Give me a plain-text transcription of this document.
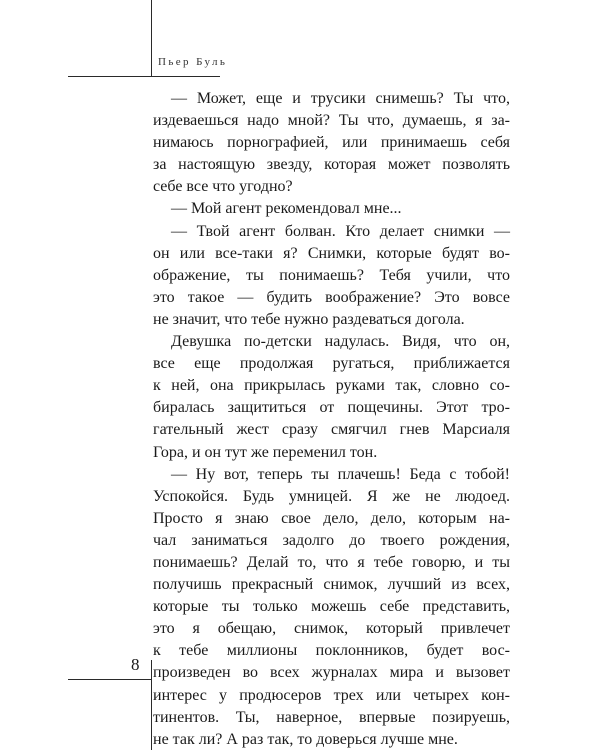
Пьер Буль
— Может, еще и трусики снимешь? Ты что,
издеваешься надо мной? Ты что, думаешь, я за-
нимаюсь порнографией, или принимаешь себя
за настоящую звезду, которая может позволять
себе все что угодно?
— Мой агент рекомендовал мне...
— Твой агент болван. Кто делает снимки —
он или все-таки я? Снимки, которые будят во-
ображение, ты понимаешь? Тебя учили, что
это такое — будить воображение? Это вовсе
не значит, что тебе нужно раздеваться догола.
Девушка по-детски надулась. Видя, что он,
все еще продолжая ругаться, приближается
к ней, она прикрылась руками так, словно со-
биралась защититься от пощечины. Этот тро-
гательный жест сразу смягчил гнев Марсиаля
Гора, и он тут же переменил тон.
— Ну вот, теперь ты плачешь! Беда с тобой!
Успокойся. Будь умницей. Я же не людоед.
Просто я знаю свое дело, дело, которым на-
чал заниматься задолго до твоего рождения,
понимаешь? Делай то, что я тебе говорю, и ты
получишь прекрасный снимок, лучший из всех,
которые ты только можешь себе представить,
это я обещаю, снимок, который привлечет
к тебе миллионы поклонников, будет вос-
произведен во всех журналах мира и вызовет
интерес у продюсеров трех или четырех кон-
тинентов. Ты, наверное, впервые позируешь,
не так ли? А раз так, то доверься лучше мне.
8
